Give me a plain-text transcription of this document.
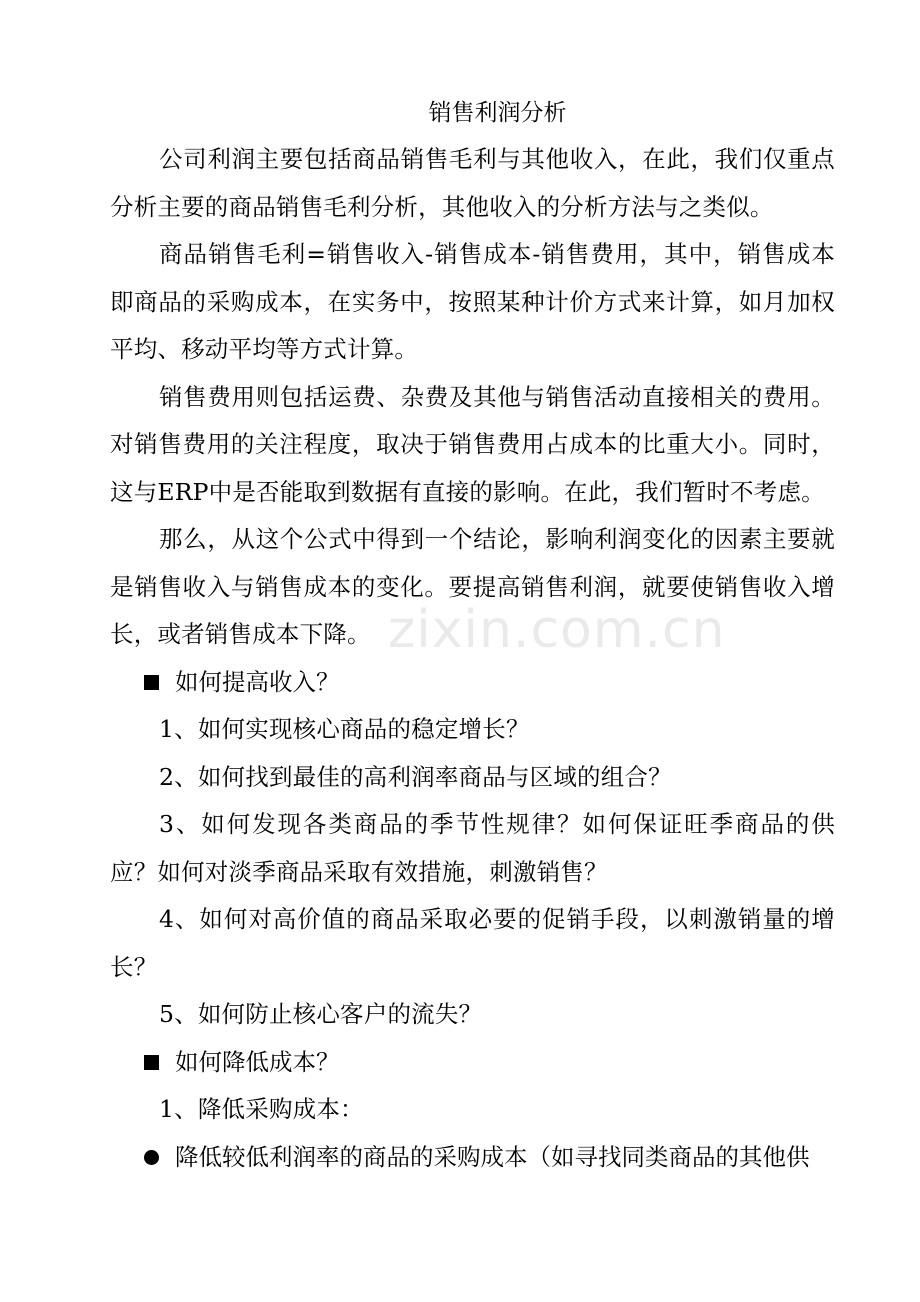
zixin.com.cn
销售利润分析

公司利润主要包括商品销售毛利与其他收入，在此，我们仅重点分析主要的商品销售毛利分析，其他收入的分析方法与之类似。

商品销售毛利=销售收入-销售成本-销售费用，其中，销售成本即商品的采购成本，在实务中，按照某种计价方式来计算，如月加权平均、移动平均等方式计算。

销售费用则包括运费、杂费及其他与销售活动直接相关的费用。对销售费用的关注程度，取决于销售费用占成本的比重大小。同时，这与ERP中是否能取到数据有直接的影响。在此，我们暂时不考虑。

那么，从这个公式中得到一个结论，影响利润变化的因素主要就是销售收入与销售成本的变化。要提高销售利润，就要使销售收入增长，或者销售成本下降。

如何提高收入？

1、如何实现核心商品的稳定增长？

2、如何找到最佳的高利润率商品与区域的组合？

3、如何发现各类商品的季节性规律？如何保证旺季商品的供应？如何对淡季商品采取有效措施，刺激销售？

4、如何对高价值的商品采取必要的促销手段，以刺激销量的增长？

5、如何防止核心客户的流失？

如何降低成本？

1、降低采购成本：

降低较低利润率的商品的采购成本（如寻找同类商品的其他供
